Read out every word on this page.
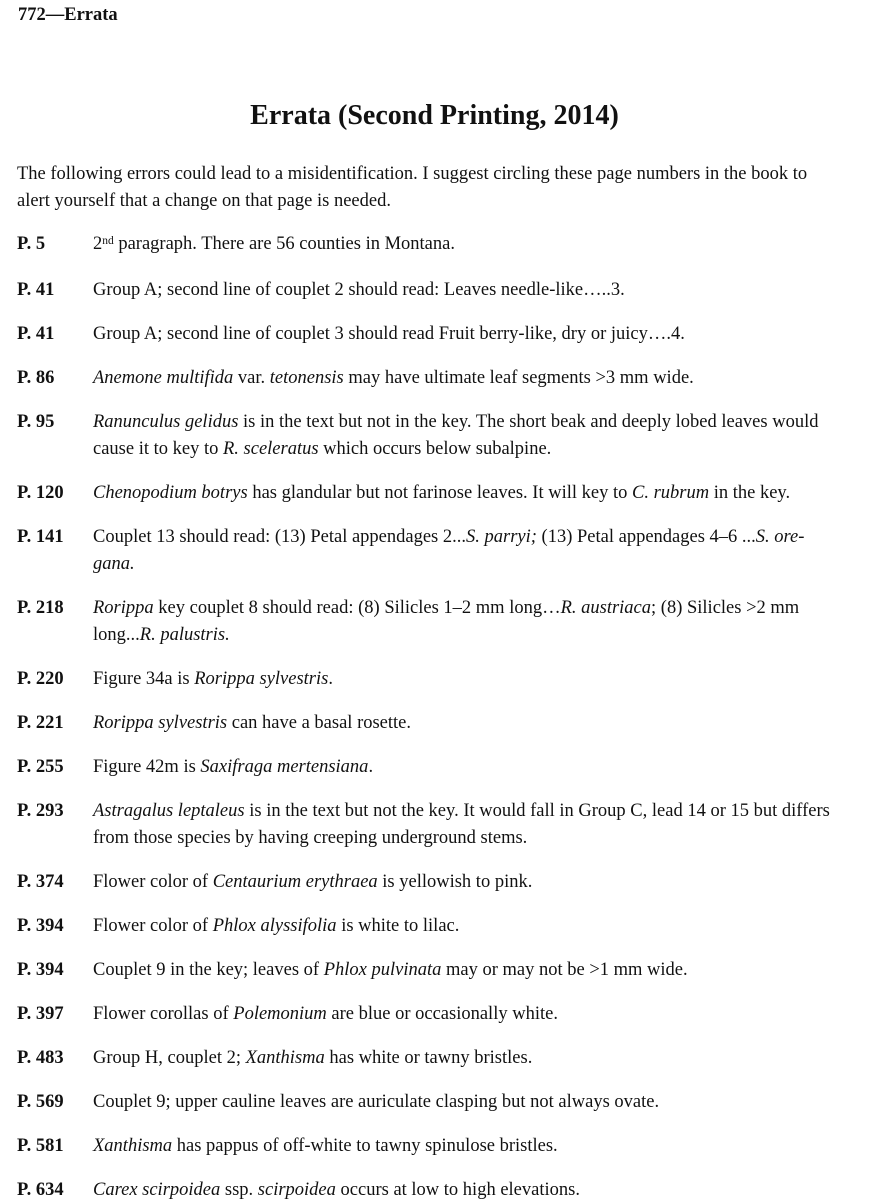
772—Errata
Errata (Second Printing, 2014)
The following errors could lead to a misidentification. I suggest circling these page numbers in the book to
alert yourself that a change on that page is needed.
P. 5	2nd paragraph. There are 56 counties in Montana.
P. 41	Group A; second line of couplet 2 should read: Leaves needle-like…..3.
P. 41	Group A; second line of couplet 3 should read Fruit berry-like, dry or juicy….4.
P. 86	Anemone multifida var. tetonensis may have ultimate leaf segments >3 mm wide.
P. 95	Ranunculus gelidus is in the text but not in the key. The short beak and deeply lobed leaves would
cause it to key to R. sceleratus which occurs below subalpine.
P. 120	Chenopodium botrys has glandular but not farinose leaves. It will key to C. rubrum in the key.
P. 141	Couplet 13 should read: (13) Petal appendages 2...S. parryi; (13) Petal appendages 4–6 ...S. ore-
gana.
P. 218	Rorippa key couplet 8 should read: (8) Silicles 1–2 mm long…R. austriaca; (8) Silicles >2 mm
long...R. palustris.
P. 220	Figure 34a is Rorippa sylvestris.
P. 221	Rorippa sylvestris can have a basal rosette.
P. 255	Figure 42m is Saxifraga mertensiana.
P. 293	Astragalus leptaleus is in the text but not the key. It would fall in Group C, lead 14 or 15 but differs
from those species by having creeping underground stems.
P. 374	Flower color of Centaurium erythraea is yellowish to pink.
P. 394	Flower color of Phlox alyssifolia is white to lilac.
P. 394	Couplet 9 in the key; leaves of Phlox pulvinata may or may not be >1 mm wide.
P. 397	Flower corollas of Polemonium are blue or occasionally white.
P. 483	Group H, couplet 2; Xanthisma has white or tawny bristles.
P. 569	Couplet 9; upper cauline leaves are auriculate clasping but not always ovate.
P. 581	Xanthisma has pappus of off-white to tawny spinulose bristles.
P. 634	Carex scirpoidea ssp. scirpoidea occurs at low to high elevations.
